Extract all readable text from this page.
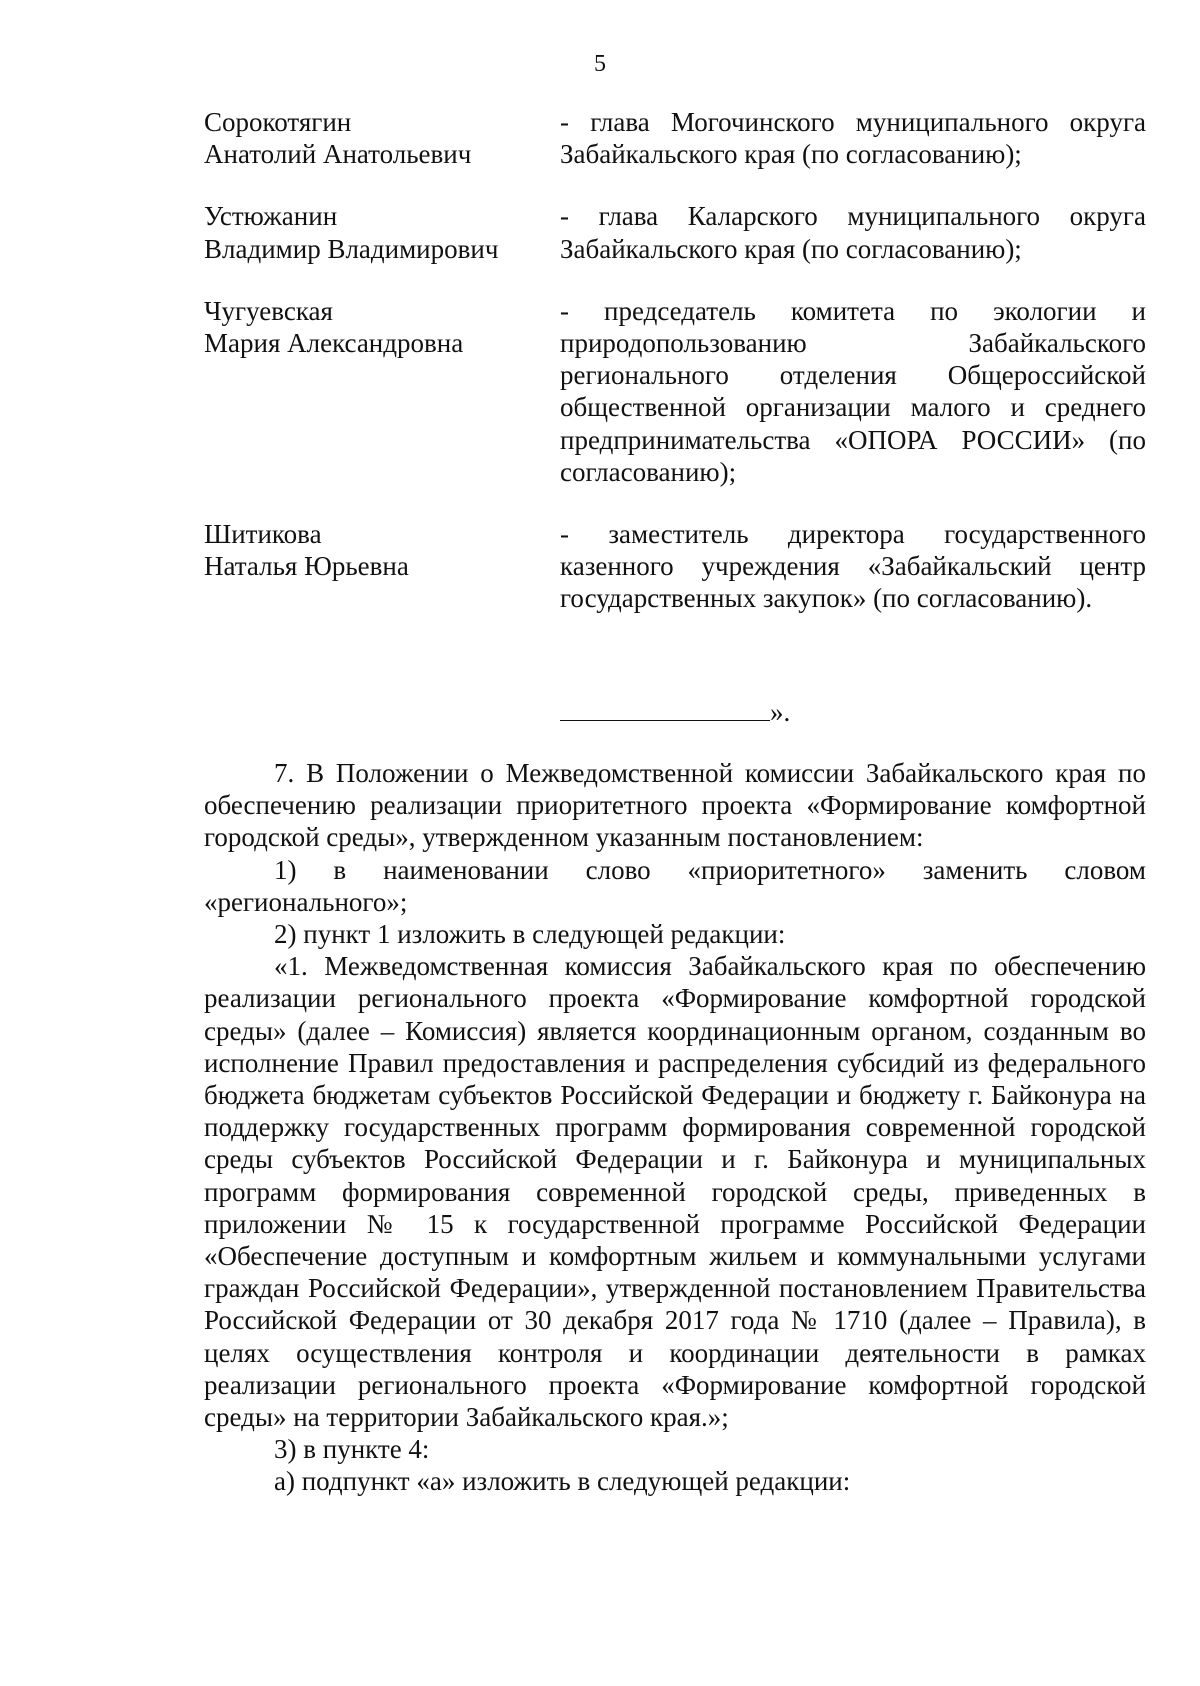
5
Сорокотягин
Анатолий Анатольевич
- глава Могочинского муниципального округа Забайкальского края (по согласованию);
Устюжанин
Владимир Владимирович
- глава Каларского муниципального округа Забайкальского края (по согласованию);
Чугуевская
Мария Александровна
- председатель комитета по экологии и природопользованию Забайкальского регионального отделения Общероссийской общественной организации малого и среднего предпринимательства «ОПОРА РОССИИ» (по согласованию);
Шитикова
Наталья Юрьевна
- заместитель директора государственного казенного учреждения «Забайкальский центр государственных закупок» (по согласованию).
».

7. В Положении о Межведомственной комиссии Забайкальского края по обеспечению реализации приоритетного проекта «Формирование комфортной городской среды», утвержденном указанным постановлением:

1) в наименовании слово «приоритетного» заменить словом «регионального»;

2) пункт 1 изложить в следующей редакции:

«1. Межведомственная комиссия Забайкальского края по обеспечению реализации регионального проекта «Формирование комфортной городской среды» (далее – Комиссия) является координационным органом, созданным во исполнение Правил предоставления и распределения субсидий из федерального бюджета бюджетам субъектов Российской Федерации и бюджету г. Байконура на поддержку государственных программ формирования современной городской среды субъектов Российской Федерации и г. Байконура и муниципальных программ формирования современной городской среды, приведенных в приложении № 15 к государственной программе Российской Федерации «Обеспечение доступным и комфортным жильем и коммунальными услугами граждан Российской Федерации», утвержденной постановлением Правительства Российской Федерации от 30 декабря 2017 года № 1710 (далее – Правила), в целях осуществления контроля и координации деятельности в рамках реализации регионального проекта «Формирование комфортной городской среды» на территории Забайкальского края.»;

3) в пункте 4:

а) подпункт «а» изложить в следующей редакции:
